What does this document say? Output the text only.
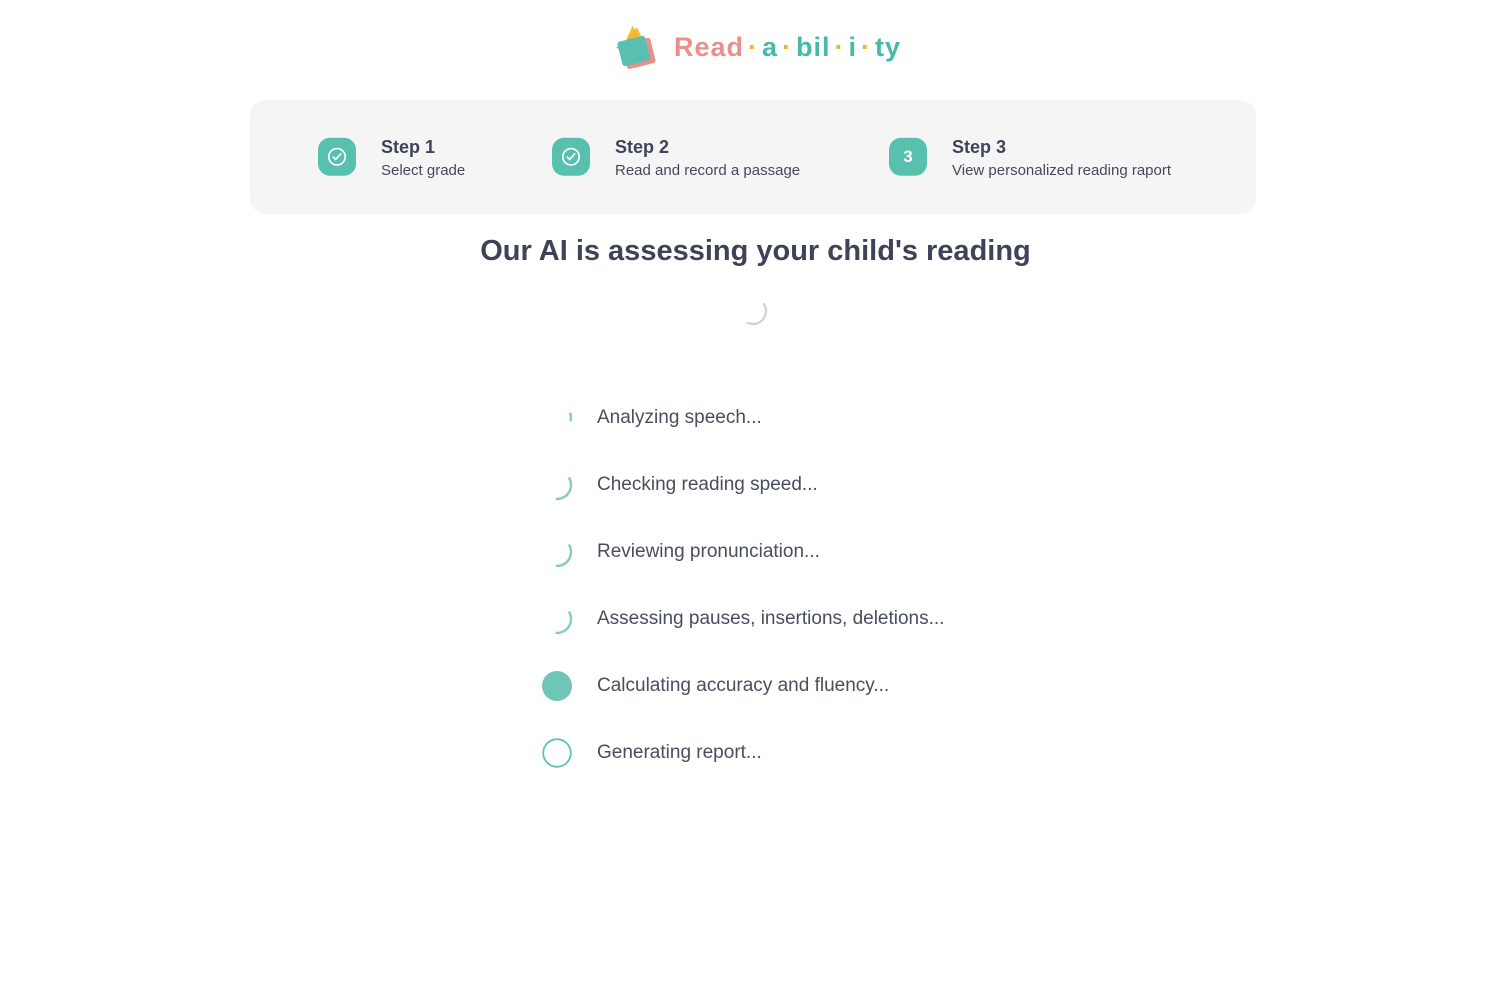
Read · a · bil · i · ty
Step 1
Select grade
Step 2
Read and record a passage
3 Step 3
View personalized reading raport
Our AI is assessing your child's reading
Analyzing speech...
Checking reading speed...
Reviewing pronunciation...
Assessing pauses, insertions, deletions...
Calculating accuracy and fluency...
Generating report...
